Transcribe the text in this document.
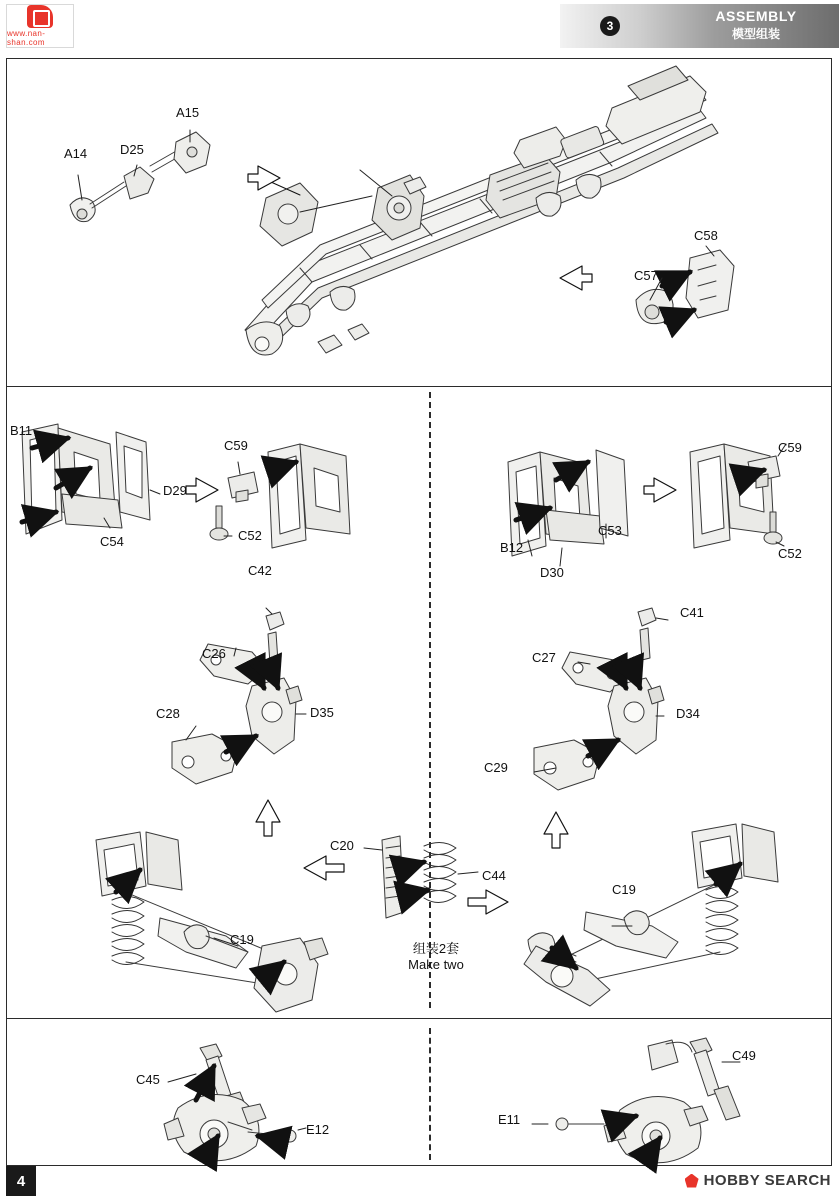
www.nan-shan.com
3
ASSEMBLY
模型组装
A14	D25
A15
C57
C58
B11
D29
C54
C59
C52
C42
C26
C28	D35
C20
C44
C19
组装2套
Make two
C59
C52
B12
D30
C53
C41
C27
C29
D34
C19
C45
E12
C49
E11
4	HOBBY SEARCH
